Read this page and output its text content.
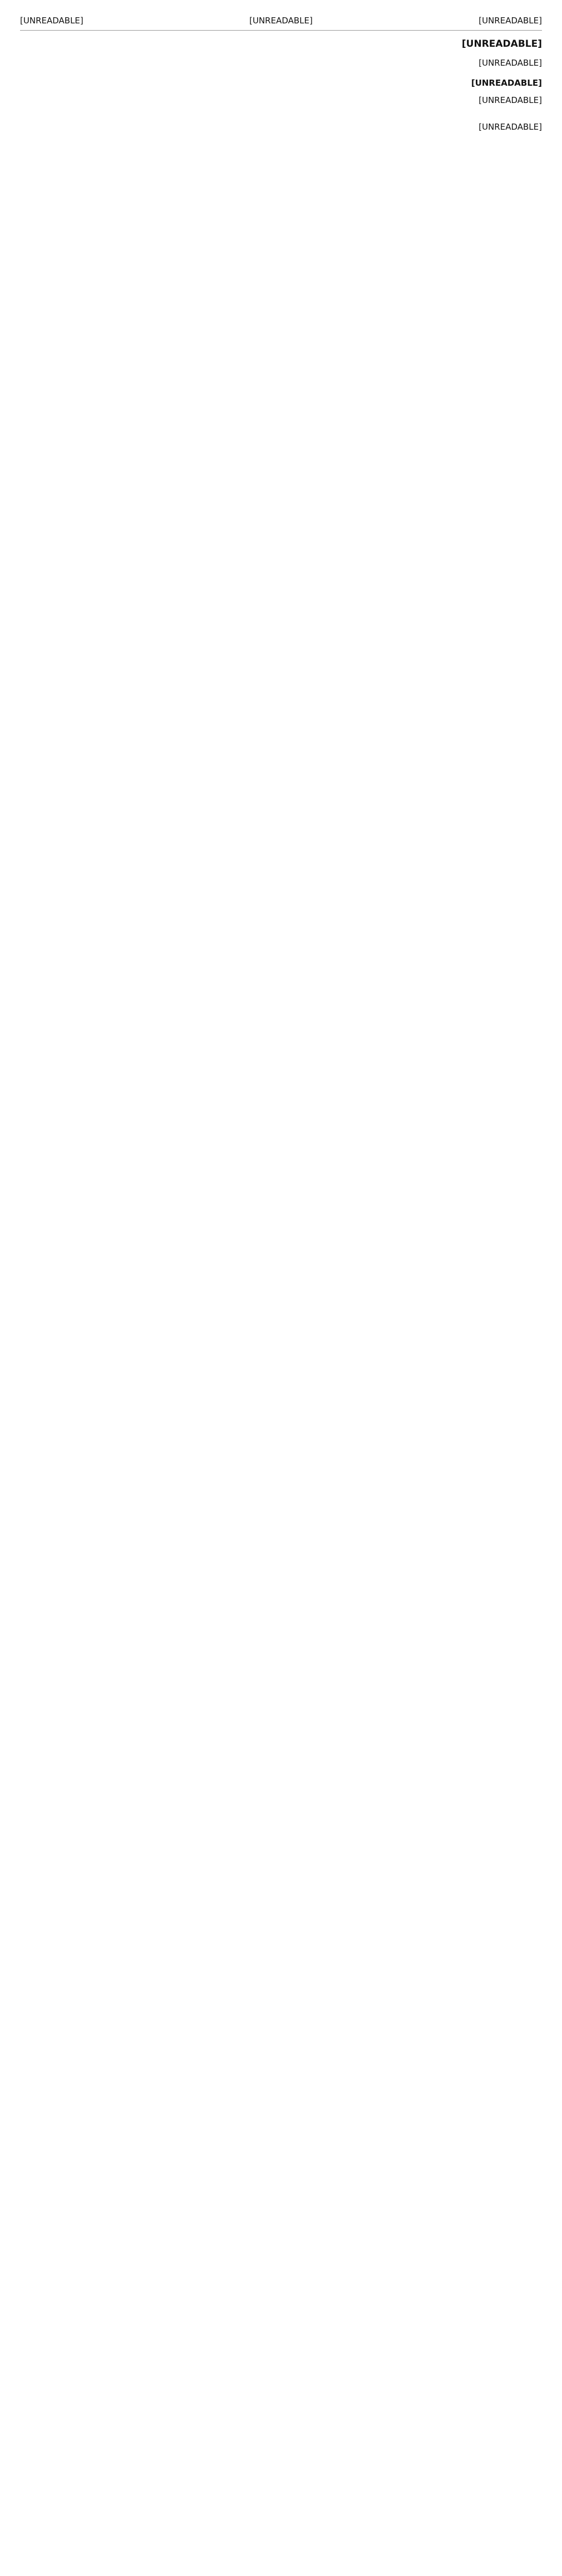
[UNREADABLE]
[UNREADABLE]
[UNREADABLE]
[UNREADABLE]
[UNREADABLE]
[UNREADABLE]
[UNREADABLE]
[UNREADABLE]
